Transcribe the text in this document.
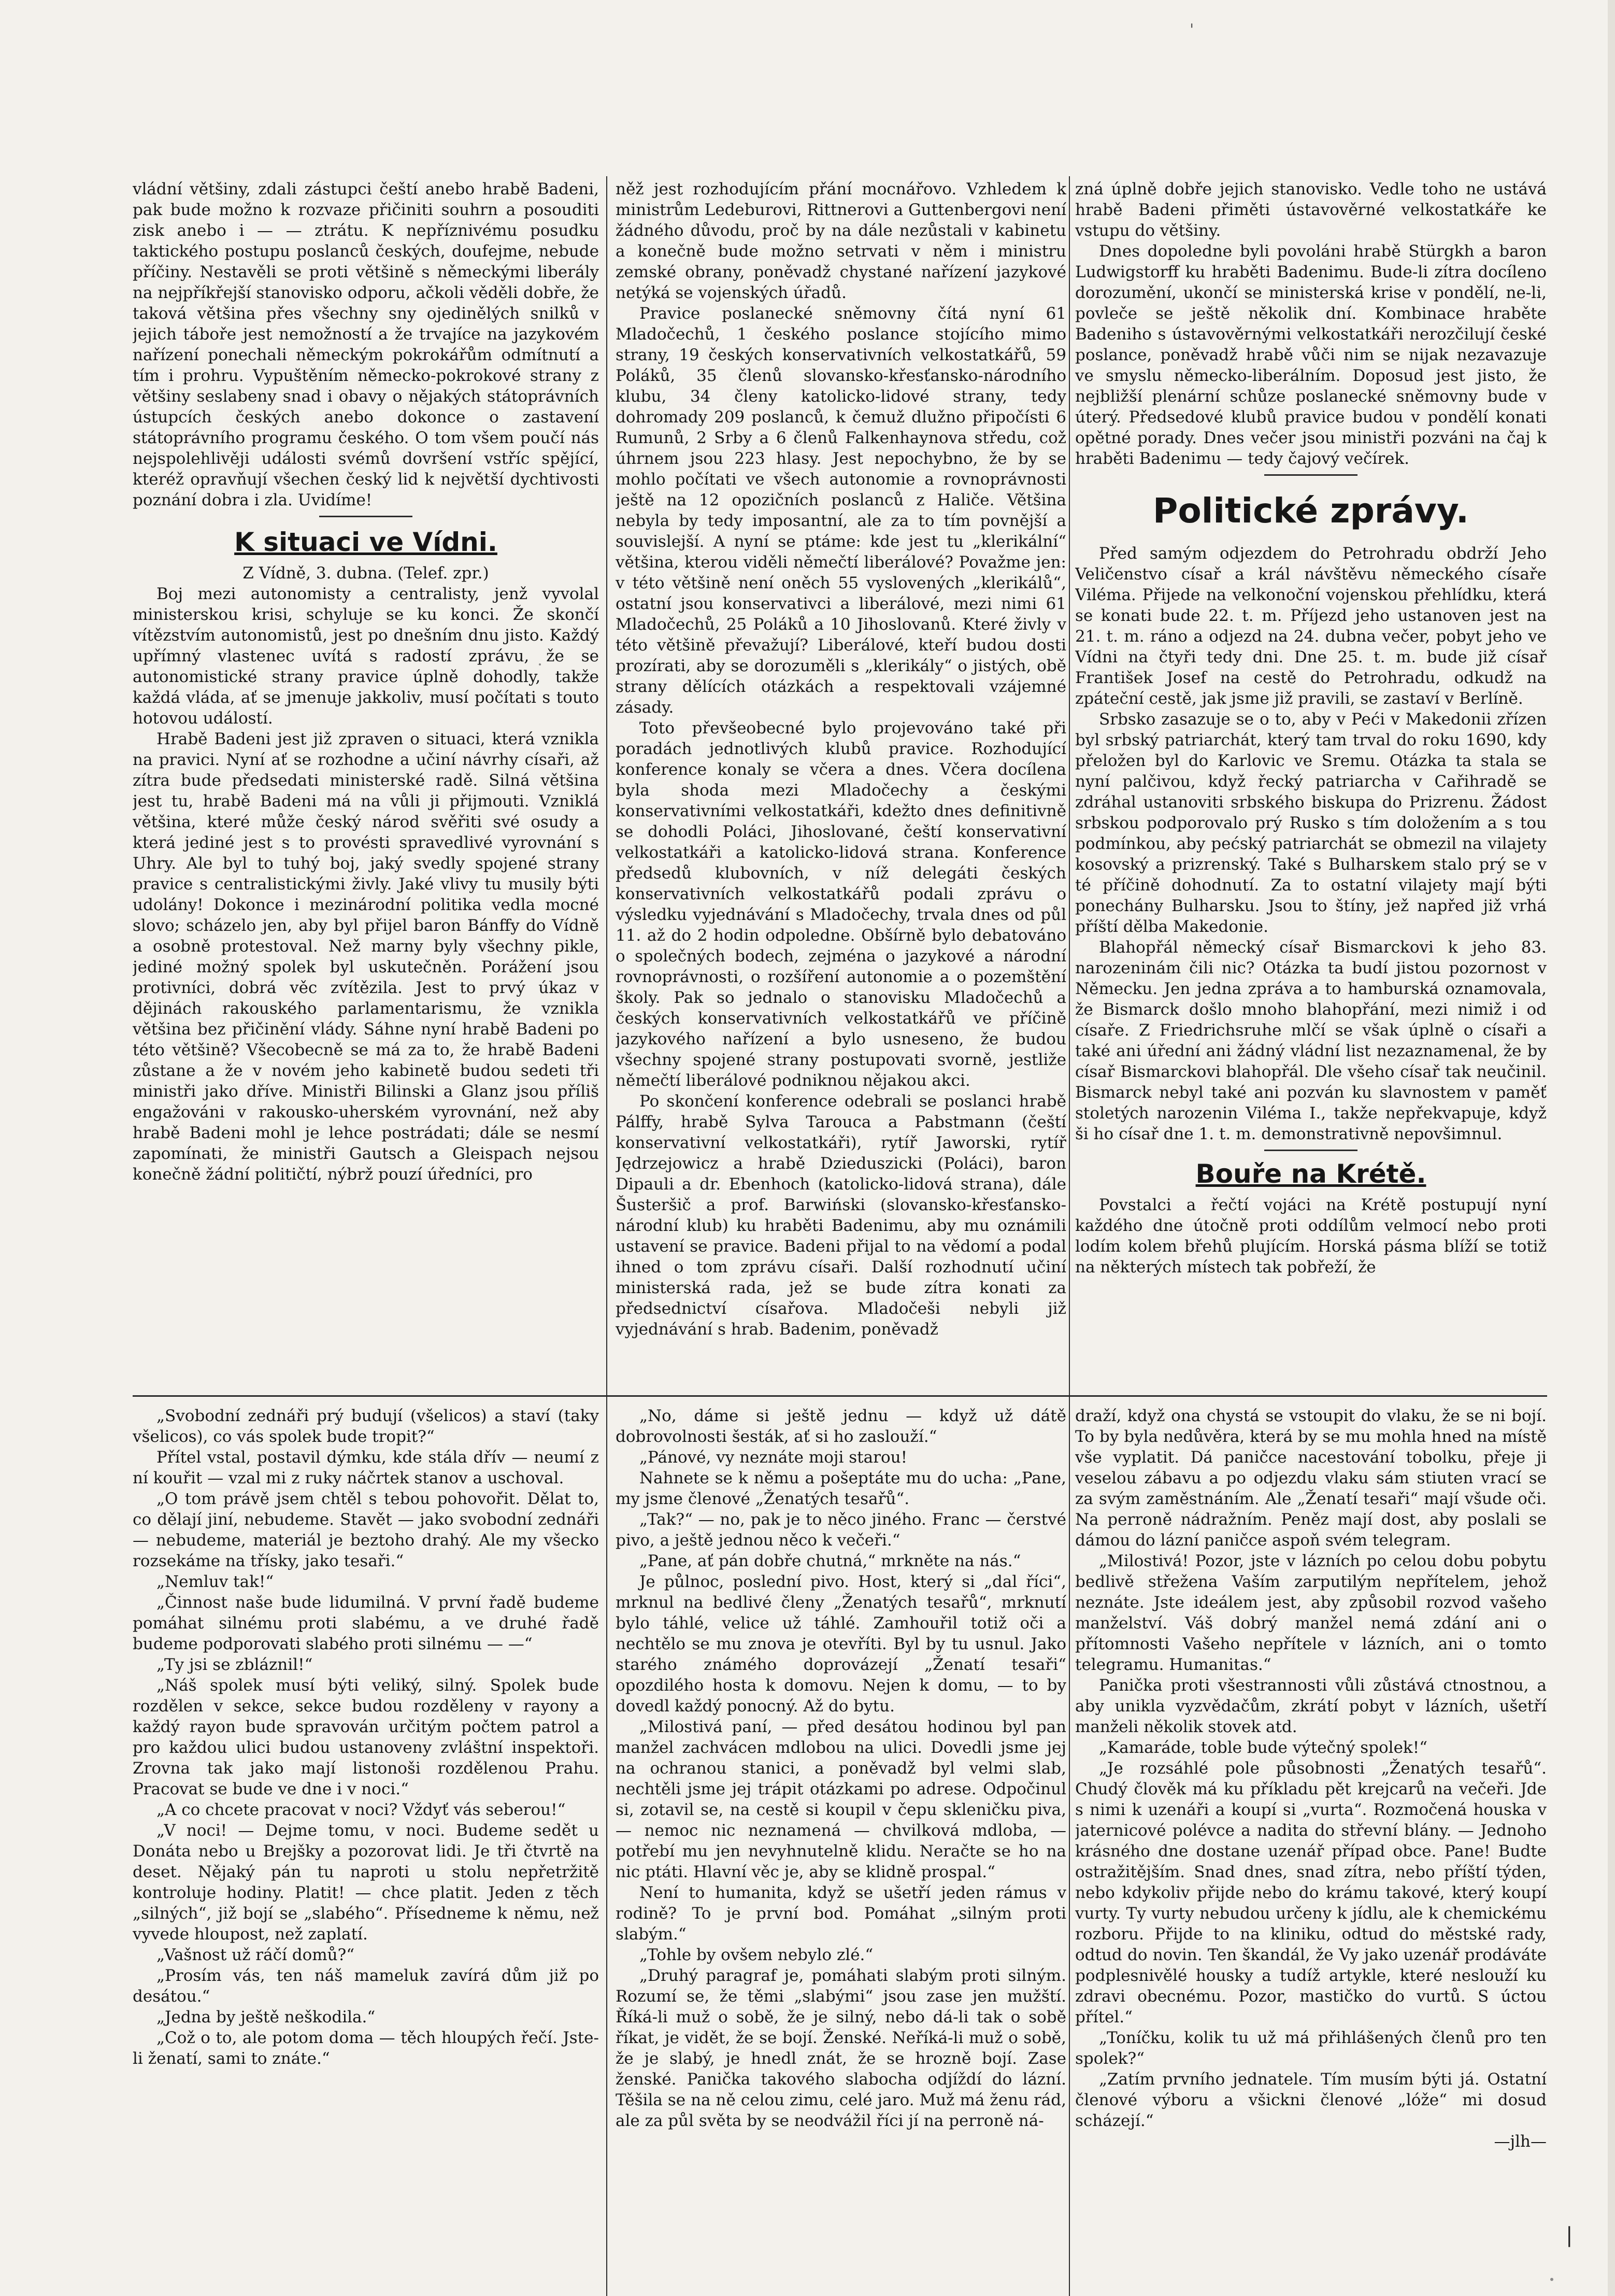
'
|

vládní většiny, zdali zástupci čeští anebo hrabě Badeni, pak bude možno k rozvaze přičiniti souhrn a posouditi zisk anebo i — — ztrátu. K nepříznivému posudku taktického postupu poslanců českých, doufejme, nebude příčiny. Nestavěli se proti většině s německými liberály na nejpříkřejší stanovisko odporu, ačkoli věděli dobře, že taková většina přes všechny sny ojedinělých snilků v jejich táboře jest nemožností a že trvajíce na jazykovém nařízení ponechali německým pokrokářům odmítnutí a tím i prohru. Vypuštěním německo-pokrokové strany z většiny seslabeny snad i obavy o nějakých státoprávních ústupcích českých anebo dokonce o zastavení státoprávního programu českého. O tom všem poučí nás nejspolehlivěji události svémů dovršení vstříc spějící, kteréž opravňují všechen český lid k největší dychtivosti poznání dobra i zla. Uvidíme!

K situaci ve Vídni.

Z Vídně, 3. dubna. (Telef. zpr.)

Boj mezi autonomisty a centralisty, jenž vyvolal ministerskou krisi, schyluje se ku konci. Že skončí vítězstvím autonomistů, jest po dnešním dnu jisto. Každý upřímný vlastenec uvítá s radostí zprávu, že se autonomistické strany pravice úplně dohodly, takže každá vláda, ať se jmenuje jakkoliv, musí počítati s touto hotovou událostí.

Hrabě Badeni jest již zpraven o situaci, která vznikla na pravici. Nyní ať se rozhodne a učiní návrhy císaři, až zítra bude předsedati ministerské radě. Silná většina jest tu, hrabě Badeni má na vůli ji přijmouti. Vzniklá většina, které může český národ svěřiti své osudy a která jediné jest s to provésti spravedlivé vyrovnání s Uhry. Ale byl to tuhý boj, jaký svedly spojené strany pravice s centralistickými živly. Jaké vlivy tu musily býti udolány! Dokonce i mezinárodní politika vedla mocné slovo; scházelo jen, aby byl přijel baron Bánffy do Vídně a osobně protestoval. Než marny byly všechny pikle, jediné možný spolek byl uskutečněn. Porážení jsou protivníci, dobrá věc zvítězila. Jest to prvý úkaz v dějinách rakouského parlamentarismu, že vznikla většina bez přičinění vlády. Sáhne nyní hrabě Badeni po této většině? Všecobecně se má za to, že hrabě Badeni zůstane a že v novém jeho kabinetě budou sedeti tři ministři jako dříve. Ministři Bilinski a Glanz jsou příliš engažováni v rakousko-uherském vyrovnání, než aby hrabě Badeni mohl je lehce postrádati; dále se nesmí zapomínati, že ministři Gautsch a Gleispach nejsou konečně žádní političtí, nýbrž pouzí úředníci, pro

něž jest rozhodujícím přání mocnářovo. Vzhledem k ministrům Ledeburovi, Rittnerovi a Guttenbergovi není žádného důvodu, proč by na dále nezůstali v kabinetu a konečně bude možno setrvati v něm i ministru zemské obrany, poněvadž chystané nařízení jazykové netýká se vojenských úřadů.

Pravice poslanecké sněmovny čítá nyní 61 Mladočechů, 1 českého poslance stojícího mimo strany, 19 českých konservativních velkostatkářů, 59 Poláků, 35 členů slovansko-křesťansko-národního klubu, 34 členy katolicko-lidové strany, tedy dohromady 209 poslanců, k čemuž dlužno připočísti 6 Rumunů, 2 Srby a 6 členů Falkenhaynova středu, což úhrnem jsou 223 hlasy. Jest nepochybno, že by se mohlo počítati ve všech autonomie a rovnoprávnosti ještě na 12 opozičních poslanců z Haliče. Většina nebyla by tedy imposantní, ale za to tím povnější a souvislejší. A nyní se ptáme: kde jest tu „klerikální“ většina, kterou viděli němečtí liberálové? Považme jen: v této většině není oněch 55 vyslovených „klerikálů“, ostatní jsou konservativci a liberálové, mezi nimi 61 Mladočechů, 25 Poláků a 10 Jihoslovanů. Které živly v této většině převažují? Liberálové, kteří budou dosti prozírati, aby se dorozuměli s „klerikály“ o jistých, obě strany dělících otázkách a respektovali vzájemné zásady.

Toto převšeobecné bylo projevováno také při poradách jednotlivých klubů pravice. Rozhodující konference konaly se včera a dnes. Včera docílena byla shoda mezi Mladočechy a českými konservativními velkostatkáři, kdežto dnes definitivně se dohodli Poláci, Jihoslované, čeští konservativní velkostatkáři a katolicko-lidová strana. Konference předsedů klubovních, v níž delegáti českých konservativních velkostatkářů podali zprávu o výsledku vyjednávání s Mladočechy, trvala dnes od půl 11. až do 2 hodin odpoledne. Obšírně bylo debatováno o společných bodech, zejména o jazykové a národní rovnoprávnosti, o rozšíření autonomie a o pozemštění školy. Pak so jednalo o stanovisku Mladočechů a českých konservativních velkostatkářů ve příčině jazykového nařízení a bylo usneseno, že budou všechny spojené strany postupovati svorně, jestliže němečtí liberálové podniknou nějakou akci.

Po skončení konference odebrali se poslanci hrabě Pálffy, hrabě Sylva Tarouca a Pabstmann (čeští konservativní velkostatkáři), rytíř Jaworski, rytíř Jędrzejowicz a hrabě Dzieduszicki (Poláci), baron Dipauli a dr. Ebenhoch (katolicko-lidová strana), dále Šusteršič a prof. Barwiński (slovansko-křesťansko-národní klub) ku hraběti Badenimu, aby mu oznámili ustavení se pravice. Badeni přijal to na vědomí a podal ihned o tom zprávu císaři. Další rozhodnutí učiní ministerská rada, jež se bude zítra konati za předsednictví císařova. Mladočeši nebyli již vyjednávání s hrab. Badenim, poněvadž

zná úplně dobře jejich stanovisko. Vedle toho ne ustává hrabě Badeni přiměti ústavověrné velkostatkáře ke vstupu do většiny.

Dnes dopoledne byli povoláni hrabě Stürgkh a baron Ludwigstorff ku hraběti Badenimu. Bude-li zítra docíleno dorozumění, ukončí se ministerská krise v pondělí, ne-li, povleče se ještě několik dní. Kombinace hraběte Badeniho s ústavověrnými velkostatkáři nerozčilují české poslance, poněvadž hrabě vůči nim se nijak nezavazuje ve smyslu německo-liberálním. Doposud jest jisto, že nejbližší plenární schůze poslanecké sněmovny bude v úterý. Předsedové klubů pravice budou v pondělí konati opětné porady. Dnes večer jsou ministři pozváni na čaj k hraběti Badenimu — tedy čajový večírek.

Politické zprávy.

Před samým odjezdem do Petrohradu obdrží Jeho Veličenstvo císař a král návštěvu německého císaře Viléma. Přijede na velkonoční vojenskou přehlídku, která se konati bude 22. t. m. Příjezd jeho ustanoven jest na 21. t. m. ráno a odjezd na 24. dubna večer, pobyt jeho ve Vídni na čtyři tedy dni. Dne 25. t. m. bude již císař František Josef na cestě do Petrohradu, odkudž na zpáteční cestě, jak jsme již pravili, se zastaví v Berlíně.

Srbsko zasazuje se o to, aby v Peći v Makedonii zřízen byl srbský patriarchát, který tam trval do roku 1690, kdy přeložen byl do Karlovic ve Sremu. Otázka ta stala se nyní palčivou, když řecký patriarcha v Cařihradě se zdráhal ustanoviti srbského biskupa do Prizrenu. Žádost srbskou podporovalo prý Rusko s tím doložením a s tou podmínkou, aby pećský patriarchát se obmezil na vilajety kosovský a prizrenský. Také s Bulharskem stalo prý se v té příčině dohodnutí. Za to ostatní vilajety mají býti ponechány Bulharsku. Jsou to štíny, jež napřed již vrhá příští dělba Makedonie.

Blahopřál německý císař Bismarckovi k jeho 83. narozeninám čili nic? Otázka ta budí jistou pozornost v Německu. Jen jedna zpráva a to hamburská oznamovala, že Bismarck došlo mnoho blahopřání, mezi nimiž i od císaře. Z Friedrichsruhe mlčí se však úplně o císaři a také ani úřední ani žádný vládní list nezaznamenal, že by císař Bismarckovi blahopřál. Dle všeho císař tak neučinil. Bismarck nebyl také ani pozván ku slavnostem v paměť stoletých narozenin Viléma I., takže nepřekvapuje, když ši ho císař dne 1. t. m. demonstrativně nepovšimnul.

Bouře na Krétě.

Povstalci a řečtí vojáci na Krétě postupují nyní každého dne útočně proti oddílům velmocí nebo proti lodím kolem břehů plujícím. Horská pásma blíží se totiž na některých místech tak pobřeží, že

„Svobodní zednáři prý budují (všelicos) a staví (taky všelicos), co vás spolek bude tropit?“

Přítel vstal, postavil dýmku, kde stála dřív — neumí z ní kouřit — vzal mi z ruky náčrtek stanov a uschoval.

„O tom právě jsem chtěl s tebou pohovořit. Dělat to, co dělají jiní, nebudeme. Stavět — jako svobodní zednáři — nebudeme, materiál je beztoho drahý. Ale my všecko rozsekáme na třísky, jako tesaři.“

„Nemluv tak!“

„Činnost naše bude lidumilná. V první řadě budeme pomáhat silnému proti slabému, a ve druhé řadě budeme podporovati slabého proti silnému — —“

„Ty jsi se zbláznil!“

„Náš spolek musí býti veliký, silný. Spolek bude rozdělen v sekce, sekce budou rozděleny v rayony a každý rayon bude spravován určitým počtem patrol a pro každou ulici budou ustanoveny zvláštní inspektoři. Zrovna tak jako mají listonoši rozdělenou Prahu. Pracovat se bude ve dne i v noci.“

„A co chcete pracovat v noci? Vždyť vás seberou!“

„V noci! — Dejme tomu, v noci. Budeme sedět u Donáta nebo u Brejšky a pozorovat lidi. Je tři čtvrtě na deset. Nějaký pán tu naproti u stolu nepřetržitě kontroluje hodiny. Platit! — chce platit. Jeden z těch „silných“, již bojí se „slabého“. Přísedneme k němu, než vyvede hloupost, než zaplatí.

„Vašnost už ráčí domů?“

„Prosím vás, ten náš mameluk zavírá dům již po desátou.“

„Jedna by ještě neškodila.“

„Což o to, ale potom doma — těch hloupých řečí. Jste-li ženatí, sami to znáte.“

„No, dáme si ještě jednu — když už dátě dobrovolnosti šesták, ať si ho zaslouží.“

„Pánové, vy neznáte moji starou!

Nahnete se k němu a pošeptáte mu do ucha: „Pane, my jsme členové „Ženatých tesařů“.

„Tak?“ — no, pak je to něco jiného. Franc — čerstvé pivo, a ještě jednou něco k večeři.“

„Pane, ať pán dobře chutná,“ mrkněte na nás.“

Je půlnoc, poslední pivo. Host, který si „dal říci“, mrknul na bedlivé členy „Ženatých tesařů“, mrknutí bylo táhlé, velice už táhlé. Zamhouřil totiž oči a nechtělo se mu znova je otevříti. Byl by tu usnul. Jako starého známého doprovázejí „Ženatí tesaři“ opozdilého hosta k domovu. Nejen k domu, — to by dovedl každý ponocný. Až do bytu.

„Milostivá paní, — před desátou hodinou byl pan manžel zachvácen mdlobou na ulici. Dovedli jsme jej na ochranou stanici, a poněvadž byl velmi slab, nechtěli jsme jej trápit otázkami po adrese. Odpočinul si, zotavil se, na cestě si koupil v čepu skleničku piva, — nemoc nic neznamená — chvilková mdloba, — potřebí mu jen nevyhnutelně klidu. Neračte se ho na nic ptáti. Hlavní věc je, aby se klidně prospal.“

Není to humanita, když se ušetří jeden rámus v rodině? To je první bod. Pomáhat „silným proti slabým.“

„Tohle by ovšem nebylo zlé.“

„Druhý paragraf je, pomáhati slabým proti silným. Rozumí se, že těmi „slabými“ jsou zase jen mužští. Říká-li muž o sobě, že je silný, nebo dá-li tak o sobě říkat, je vidět, že se bojí. Ženské. Neříká-li muž o sobě, že je slabý, je hnedl znát, že se hrozně bojí. Zase ženské. Panička takového slabocha odjíždí do lázní. Těšila se na ně celou zimu, celé jaro. Muž má ženu rád, ale za půl světa by se neodvážil říci jí na perroně ná-

draží, když ona chystá se vstoupit do vlaku, že se ni bojí. To by byla nedůvěra, která by se mu mohla hned na místě vše vyplatit. Dá paničce nacestování tobolku, přeje ji veselou zábavu a po odjezdu vlaku sám stiuten vrací se za svým zaměstnáním. Ale „Ženatí tesaři“ mají všude oči. Na perroně nádražním. Peněz mají dost, aby poslali se dámou do lázní paničce aspoň svém telegram.

„Milostivá! Pozor, jste v lázních po celou dobu pobytu bedlivě střežena Vaším zarputilým nepřítelem, jehož neznáte. Jste ideálem jest, aby způsobil rozvod vašeho manželství. Váš dobrý manžel nemá zdání ani o přítomnosti Vašeho nepřítele v lázních, ani o tomto telegramu. Humanitas.“

Panička proti všestrannosti vůli zůstává ctnostnou, a aby unikla vyzvědačům, zkrátí pobyt v lázních, ušetří manželi několik stovek atd.

„Kamaráde, toble bude výtečný spolek!“

„Je rozsáhlé pole působnosti „Ženatých tesařů“. Chudý člověk má ku příkladu pět krejcarů na večeři. Jde s nimi k uzenáři a koupí si „vurta“. Rozmočená houska v jaternicové polévce a nadita do střevní blány. — Jednoho krásného dne dostane uzenář případ obce. Pane! Budte ostražitějším. Snad dnes, snad zítra, nebo příští týden, nebo kdykoliv přijde nebo do krámu takové, který koupí vurty. Ty vurty nebudou určeny k jídlu, ale k chemickému rozboru. Přijde to na kliniku, odtud do městské rady, odtud do novin. Ten škandál, že Vy jako uzenář prodáváte podplesnivělé housky a tudíž artykle, které neslouží ku zdravi obecnému. Pozor, mastičko do vurtů. S úctou přítel.“

„Toníčku, kolik tu už má přihlášených členů pro ten spolek?“

„Zatím prvního jednatele. Tím musím býti já. Ostatní členové výboru a všickni členové „lóže“ mi dosud scházejí.“

—jlh—
